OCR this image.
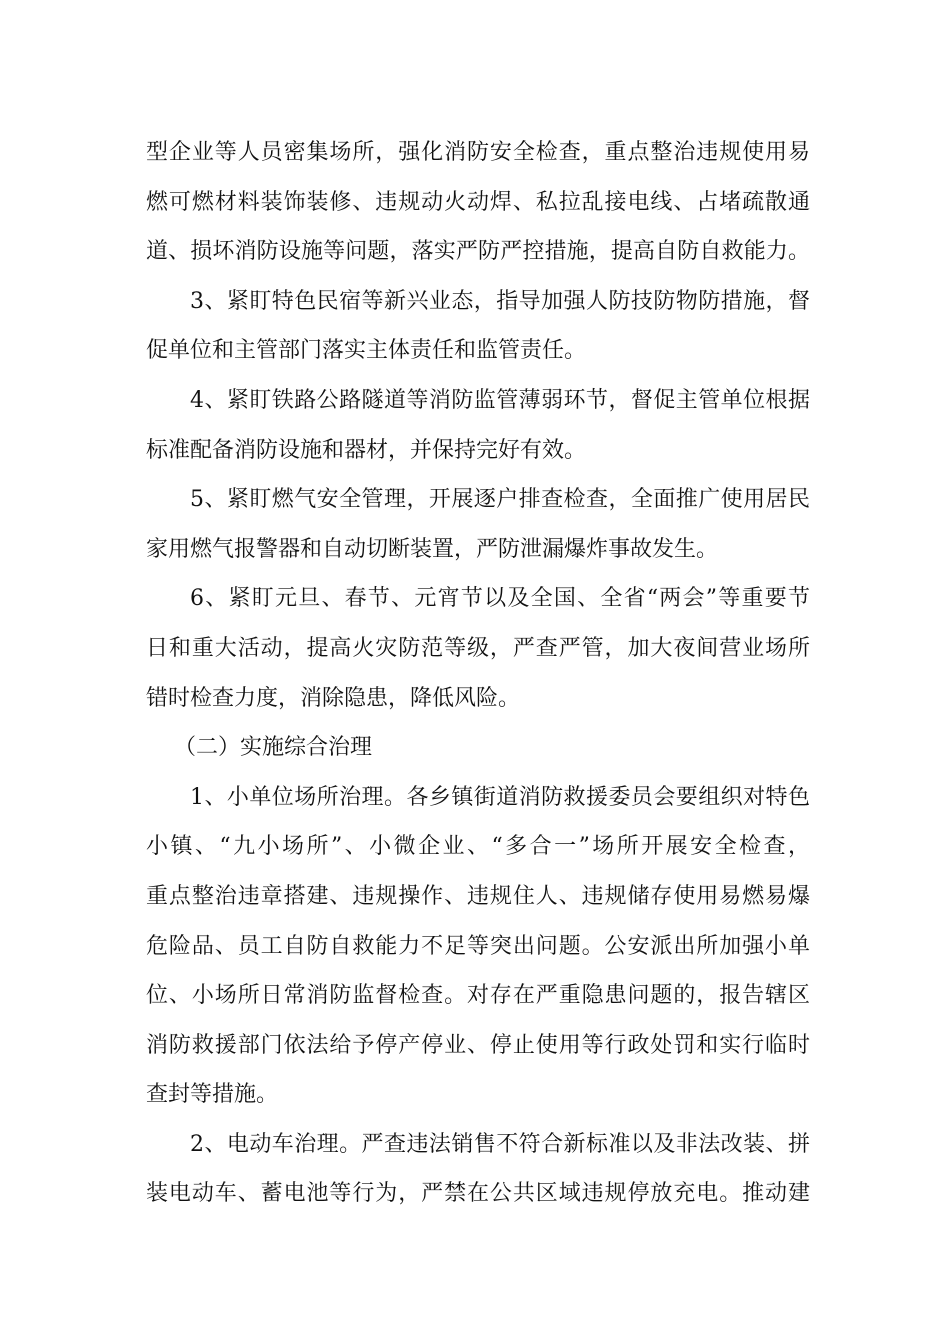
型企业等人员密集场所，强化消防安全检查，重点整治违规使用易
燃可燃材料装饰装修、违规动火动焊、私拉乱接电线、占堵疏散通
道、损坏消防设施等问题，落实严防严控措施，提高自防自救能力。
3、紧盯特色民宿等新兴业态，指导加强人防技防物防措施，督
促单位和主管部门落实主体责任和监管责任。
4、紧盯铁路公路隧道等消防监管薄弱环节，督促主管单位根据
标准配备消防设施和器材，并保持完好有效。
5、紧盯燃气安全管理，开展逐户排查检查，全面推广使用居民
家用燃气报警器和自动切断装置，严防泄漏爆炸事故发生。
6、紧盯元旦、春节、元宵节以及全国、全省“两会”等重要节
日和重大活动，提高火灾防范等级，严查严管，加大夜间营业场所
错时检查力度，消除隐患，降低风险。
（二）实施综合治理
1、小单位场所治理。各乡镇街道消防救援委员会要组织对特色
小镇、“九小场所”、小微企业、“多合一”场所开展安全检查，
重点整治违章搭建、违规操作、违规住人、违规储存使用易燃易爆
危险品、员工自防自救能力不足等突出问题。公安派出所加强小单
位、小场所日常消防监督检查。对存在严重隐患问题的，报告辖区
消防救援部门依法给予停产停业、停止使用等行政处罚和实行临时
查封等措施。
2、电动车治理。严查违法销售不符合新标准以及非法改装、拼
装电动车、蓄电池等行为，严禁在公共区域违规停放充电。推动建
